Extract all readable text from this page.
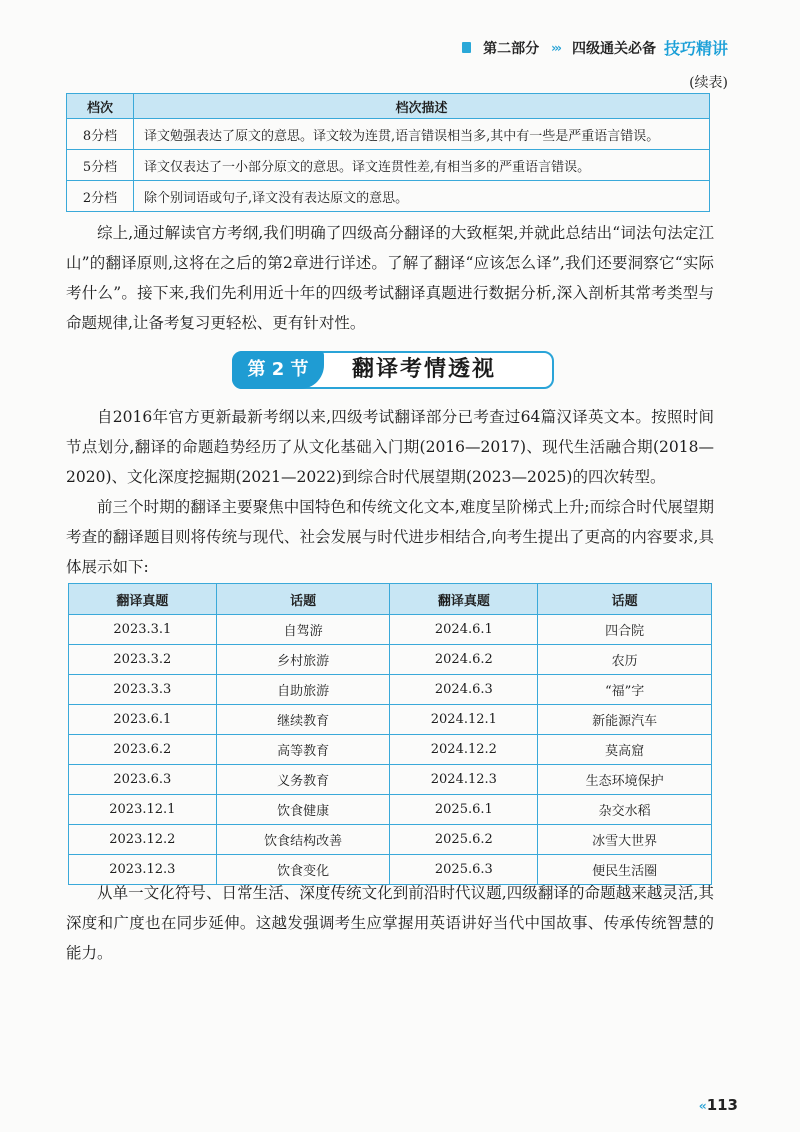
第二部分 ››› 四级通关必备 技巧精讲
(续表)
档次	档次描述
8分档	译文勉强表达了原文的意思。译文较为连贯,语言错误相当多,其中有一些是严重语言错误。
5分档	译文仅表达了一小部分原文的意思。译文连贯性差,有相当多的严重语言错误。
2分档	除个别词语或句子,译文没有表达原文的意思。

综上,通过解读官方考纲,我们明确了四级高分翻译的大致框架,并就此总结出“词法句法定江山”的翻译原则,这将在之后的第2章进行详述。了解了翻译“应该怎么译”,我们还要洞察它“实际考什么”。接下来,我们先利用近十年的四级考试翻译真题进行数据分析,深入剖析其常考类型与命题规律,让备考复习更轻松、更有针对性。

第 2 节	翻译考情透视

自2016年官方更新最新考纲以来,四级考试翻译部分已考查过64篇汉译英文本。按照时间节点划分,翻译的命题趋势经历了从文化基础入门期(2016—2017)、现代生活融合期(2018—2020)、文化深度挖掘期(2021—2022)到综合时代展望期(2023—2025)的四次转型。

前三个时期的翻译主要聚焦中国特色和传统文化文本,难度呈阶梯式上升;而综合时代展望期考查的翻译题目则将传统与现代、社会发展与时代进步相结合,向考生提出了更高的内容要求,具体展示如下:

翻译真题	话题	翻译真题	话题
2023.3.1	自驾游	2024.6.1	四合院
2023.3.2	乡村旅游	2024.6.2	农历
2023.3.3	自助旅游	2024.6.3	“福”字
2023.6.1	继续教育	2024.12.1	新能源汽车
2023.6.2	高等教育	2024.12.2	莫高窟
2023.6.3	义务教育	2024.12.3	生态环境保护
2023.12.1	饮食健康	2025.6.1	杂交水稻
2023.12.2	饮食结构改善	2025.6.2	冰雪大世界
2023.12.3	饮食变化	2025.6.3	便民生活圈

从单一文化符号、日常生活、深度传统文化到前沿时代议题,四级翻译的命题越来越灵活,其深度和广度也在同步延伸。这越发强调考生应掌握用英语讲好当代中国故事、传承传统智慧的能力。

‹‹ 113
